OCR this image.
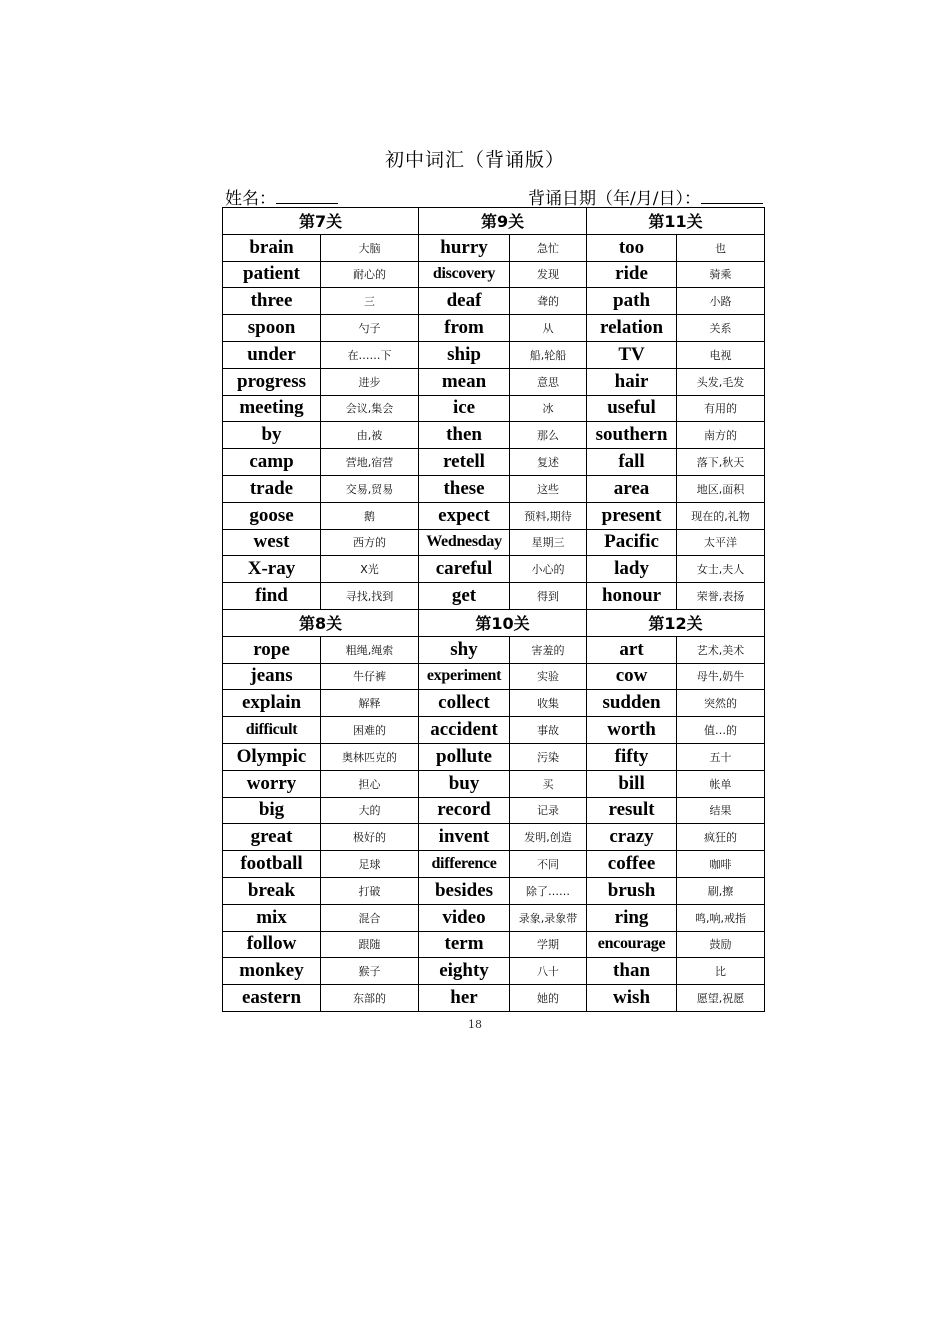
初中词汇（背诵版）
姓名：	背诵日期（年/月/日）：
第7关		第9关		第11关	
brain	大脑	hurry	急忙	too	也
patient	耐心的	discovery	发现	ride	骑乘
three	三	deaf	聋的	path	小路
spoon	勺子	from	从	relation	关系
under	在……下	ship	船,轮船	TV	电视
progress	进步	mean	意思	hair	头发,毛发
meeting	会议,集会	ice	冰	useful	有用的
by	由,被	then	那么	southern	南方的
camp	营地,宿营	retell	复述	fall	落下,秋天
trade	交易,贸易	these	这些	area	地区,面积
goose	鹅	expect	预料,期待	present	现在的,礼物
west	西方的	Wednesday	星期三	Pacific	太平洋
X-ray	X光	careful	小心的	lady	女士,夫人
find	寻找,找到	get	得到	honour	荣誉,表扬
第8关		第10关		第12关	
rope	粗绳,绳索	shy	害羞的	art	艺术,美术
jeans	牛仔裤	experiment	实验	cow	母牛,奶牛
explain	解释	collect	收集	sudden	突然的
difficult	困难的	accident	事故	worth	值…的
Olympic	奥林匹克的	pollute	污染	fifty	五十
worry	担心	buy	买	bill	帐单
big	大的	record	记录	result	结果
great	极好的	invent	发明,创造	crazy	疯狂的
football	足球	difference	不同	coffee	咖啡
break	打破	besides	除了……	brush	刷,擦
mix	混合	video	录象,录象带	ring	鸣,响,戒指
follow	跟随	term	学期	encourage	鼓励
monkey	猴子	eighty	八十	than	比
eastern	东部的	her	她的	wish	愿望,祝愿
18
